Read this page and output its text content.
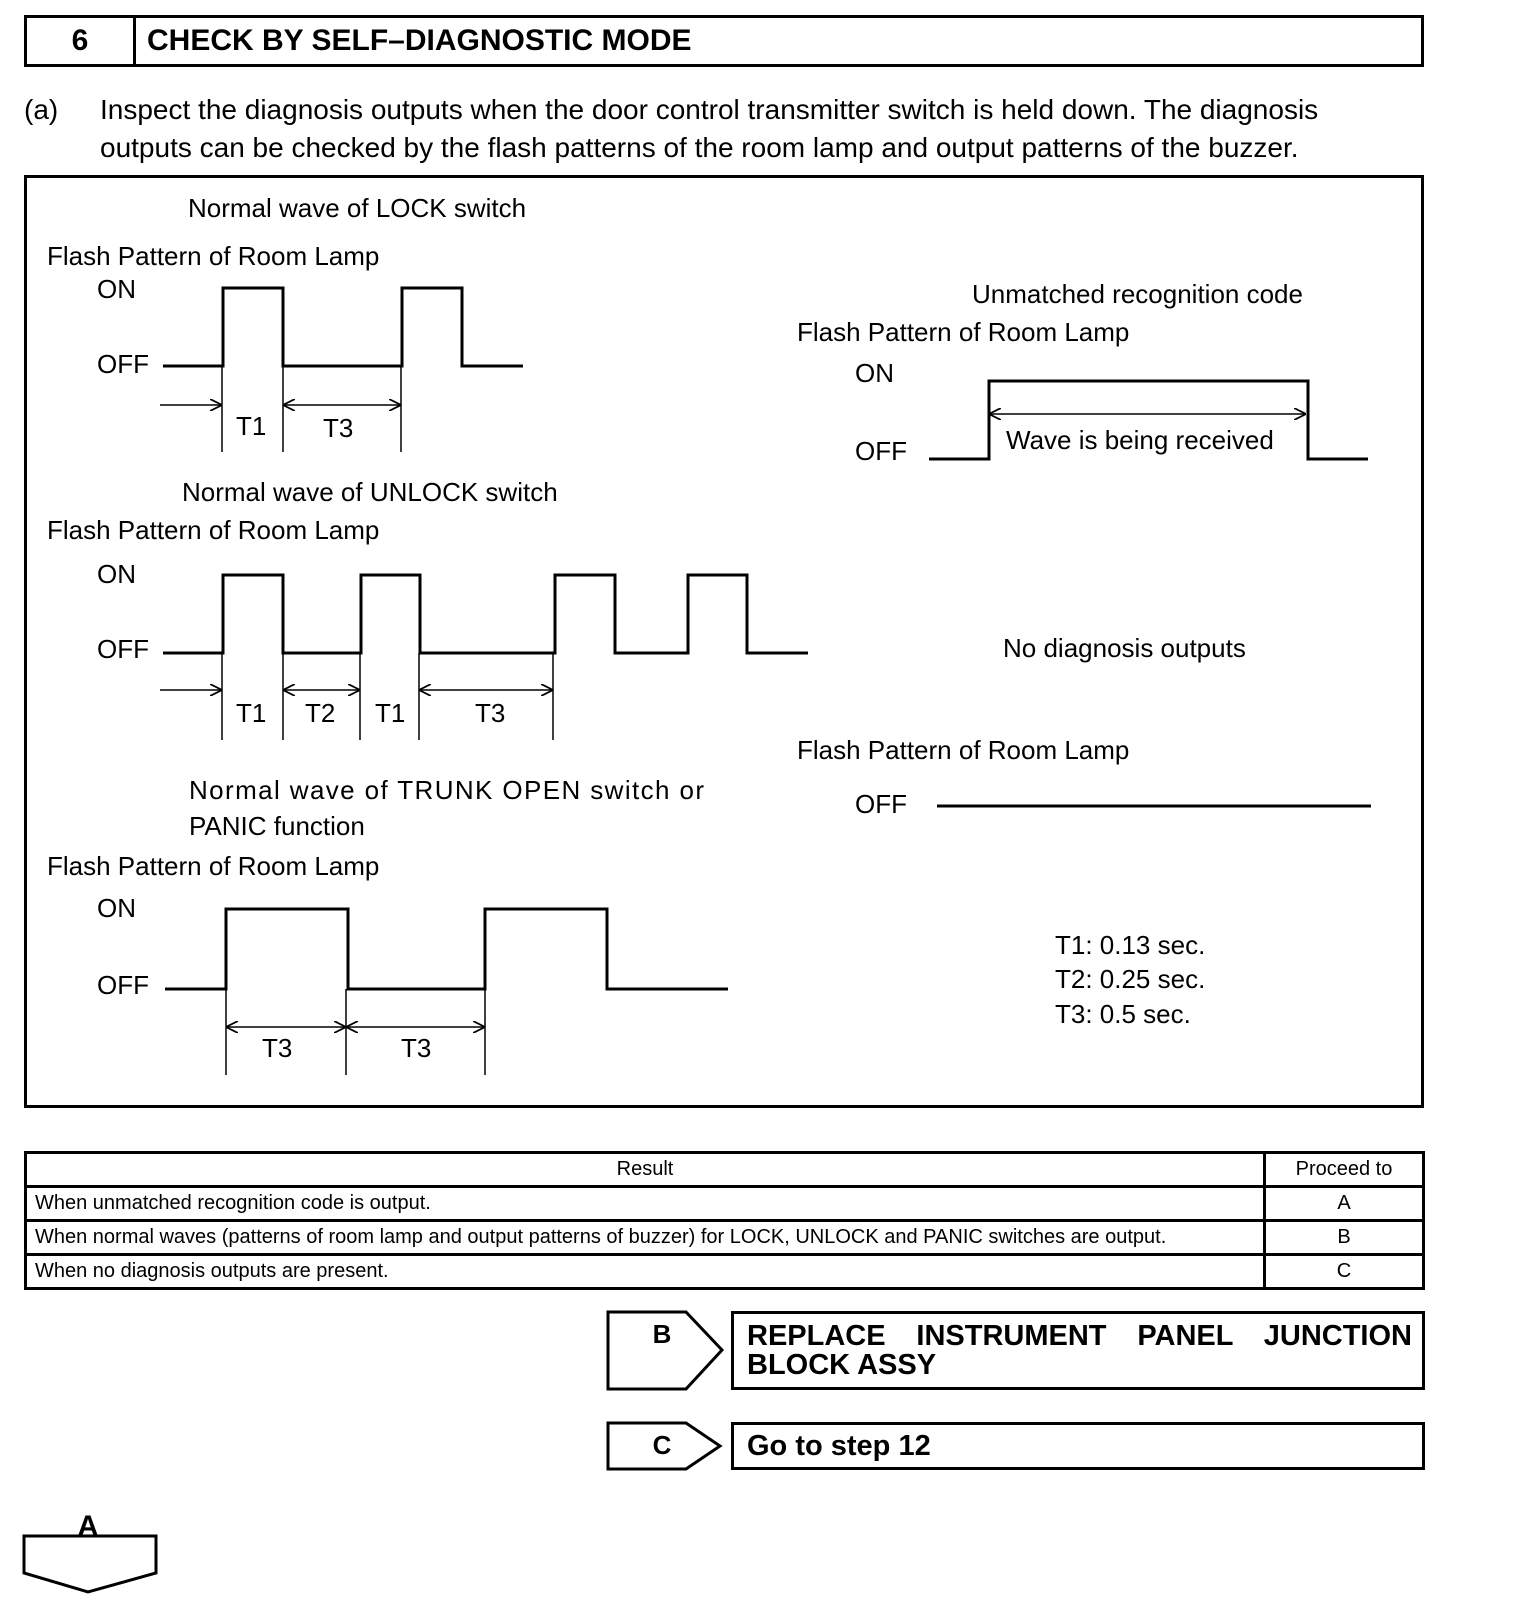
6	CHECK BY SELF–DIAGNOSTIC MODE
(a) Inspect the diagnosis outputs when the door control transmitter switch is held down. The diagnosis
outputs can be checked by the flash patterns of the room lamp and output patterns of the buzzer.
Normal wave of LOCK switch
Flash Pattern of Room Lamp
ON
OFF
T1 T3
Normal wave of UNLOCK switch
Flash Pattern of Room Lamp
ON
OFF
T1 T2 T1	T3
Normal wave of TRUNK OPEN switch or
PANIC function
Flash Pattern of Room Lamp
ON
OFF
T3	T3
Unmatched recognition code
Flash Pattern of Room Lamp
ON
OFF	Wave is being received
No diagnosis outputs
Flash Pattern of Room Lamp
OFF
T1: 0.13 sec.
T2: 0.25 sec.
T3: 0.5 sec.
Result	Proceed to
When unmatched recognition code is output.	A
When normal waves (patterns of room lamp and output patterns of buzzer) for LOCK, UNLOCK and PANIC switches are output.	B
When no diagnosis outputs are present.	C
B
C
A
REPLACE INSTRUMENT PANEL JUNCTION
BLOCK ASSY
Go to step 12
